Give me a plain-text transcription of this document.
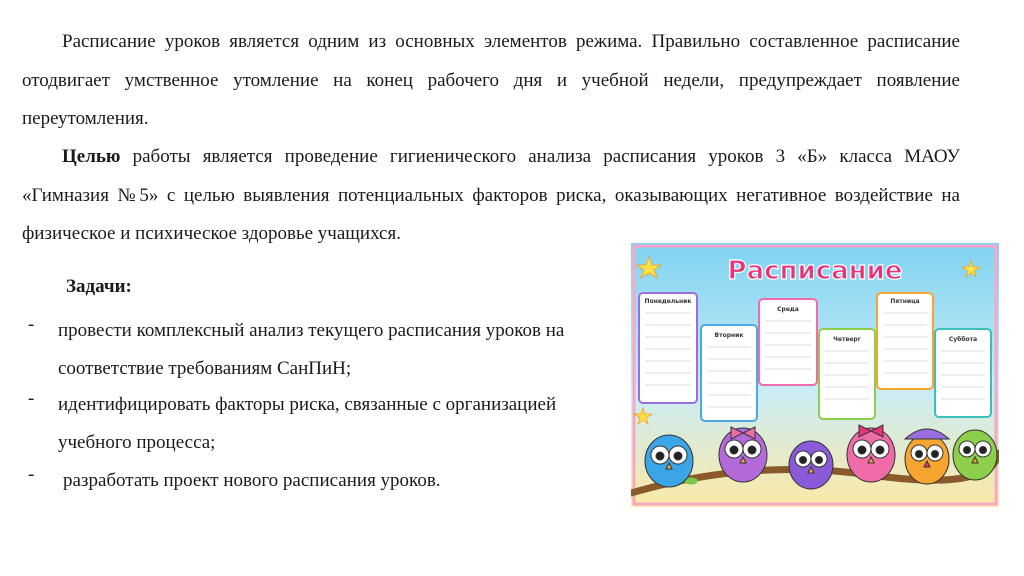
Расписание уроков является одним из основных элементов режима. Правильно составленное расписание отодвигает умственное утомление на конец рабочего дня и учебной недели, предупреждает появление переутомления.
Целью работы является проведение гигиенического анализа расписания уроков 3 «Б» класса МАОУ «Гимназия №5» с целью выявления потенциальных факторов риска, оказывающих негативное воздействие на физическое и психическое здоровье учащихся.
Задачи:
- провести комплексный анализ текущего расписания уроков на соответствие требованиям СанПиН;
- идентифицировать факторы риска, связанные с организацией учебного процесса;
- разработать проект нового расписания уроков.
Расписание
Понедельник
Вторник
Среда
Четверг
Пятница
Суббота
